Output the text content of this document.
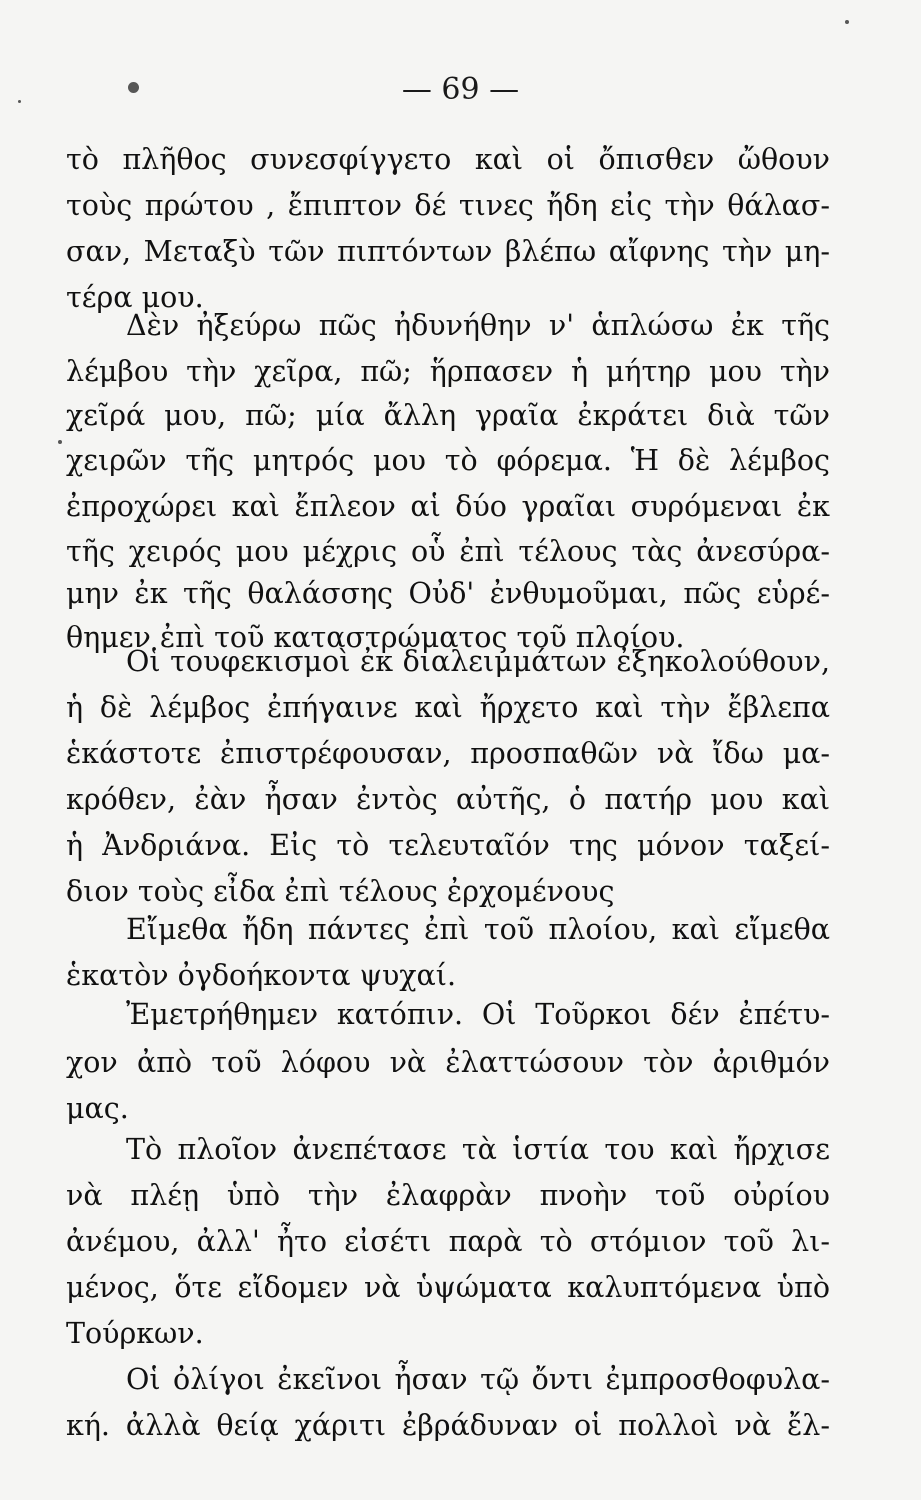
— 69 —
τὸ πλῆθος συνεσφίγγετο καὶ οἱ ὄπισθεν ὤθουν
τοὺς πρώτου , ἔπιπτον δέ τινες ἤδη εἰς τὴν θάλασ-
σαν, Μεταξὺ τῶν πιπτόντων βλέπω αἴφνης τὴν μη-
τέρα μου.
Δὲν ἠξεύρω πῶς ἠδυνήθην ν' ἁπλώσω ἐκ τῆς
λέμβου τὴν χεῖρα, πῶ; ἥρπασεν ἡ μήτηρ μου τὴν
χεῖρά μου, πῶ; μία ἄλλη γραῖα ἐκράτει διὰ τῶν
χειρῶν τῆς μητρός μου τὸ φόρεμα. Ἡ δὲ λέμβος
ἐπροχώρει καὶ ἔπλεον αἱ δύο γραῖαι συρόμεναι ἐκ
τῆς χειρός μου μέχρις οὗ ἐπὶ τέλους τὰς ἀνεσύρα-
μην ἐκ τῆς θαλάσσης Οὐδ' ἐνθυμοῦμαι, πῶς εὑρέ-
θημεν ἐπὶ τοῦ καταστρώματος τοῦ πλοίου.
Οἱ τουφεκισμοὶ ἐκ διαλειμμάτων ἐξηκολούθουν,
ἡ δὲ λέμβος ἐπήγαινε καὶ ἤρχετο καὶ τὴν ἔβλεπα
ἑκάστοτε ἐπιστρέφουσαν, προσπαθῶν νὰ ἴδω μα-
κρόθεν, ἐὰν ἦσαν ἐντὸς αὐτῆς, ὁ πατήρ μου καὶ
ἡ Ἀνδριάνα. Εἰς τὸ τελευταῖόν της μόνον ταξεί-
διον τοὺς εἶδα ἐπὶ τέλους ἐρχομένους
Εἴμεθα ἤδη πάντες ἐπὶ τοῦ πλοίου, καὶ εἴμεθα
ἑκατὸν ὀγδοήκοντα ψυχαί.
Ἐμετρήθημεν κατόπιν. Οἱ Τοῦρκοι δέν ἐπέτυ-
χον ἀπὸ τοῦ λόφου νὰ ἐλαττώσουν τὸν ἀριθμόν
μας.
Τὸ πλοῖον ἀνεπέτασε τὰ ἱστία του καὶ ἤρχισε
νὰ πλέῃ ὑπὸ τὴν ἐλαφρὰν πνοὴν τοῦ οὐρίου
ἀνέμου, ἀλλ' ἦτο εἰσέτι παρὰ τὸ στόμιον τοῦ λι-
μένος, ὅτε εἴδομεν νὰ ὑψώματα καλυπτόμενα ὑπὸ
Τούρκων.
Οἱ ὀλίγοι ἐκεῖνοι ἦσαν τῷ ὄντι ἐμπροσθοφυλα-
κή. ἀλλὰ θείᾳ χάριτι ἐβράδυναν οἱ πολλοὶ νὰ ἔλ-
